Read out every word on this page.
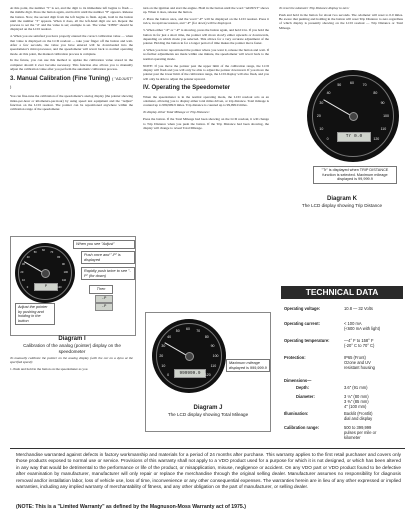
At this point, the number "5" is set, and the digit to its immediate left begins to flash — the middle digit. Press the button again, and hold it until the number "8" appears. Release the button. Now, the second digit from the left begins to flash. Again, hold in the button until the number "3" appears. When it does, all the left-hand digit are set. Repeat the process to set the "4" and the value is set; example is set. The value "43850" should be displayed on the LCD readout.

4. When you are satisfied you have properly entered the correct calibration value — when that value is displayed on the LCD readout — take your finger off the button and wait. After a few seconds, the value you have entered will be downloaded into the speedometer's microprocessor, and the speedometer will revert back to normal operating mode. At this point, the manual calibration process is complete.

In the future, you can use this method to update the calibration value stored in the computer should it ever become necessary. This function also allows you to manually adjust the calibration value after you perform the automatic calibration process.

3. Manual Calibration (Fine Tuning) ( "ADJUST" )

You can fine-tune the calibration of the speedometer's analog display (the pointer showing miles-per-hour or kilometers-per-hour) by using speed test equipment and the "Adjust" function on the LCD readout. The pointer can be repositioned anywhere within the calibration range of the speedometer.

P
0
10
20
30
40
50
60
70
80
90
100
110
120
When you see "Adjust"
Push once and "-P" is displayed
Rapidly push twice to see "-P" (for down)
Then
-P
-P
Adjust the pointer by pushing and holding in the button
Diagram I
Calibration of the analog (pointer) display on the speedometer

To manually calibrate the pointer on the analog display (with the car on a dyno at the specified speed):

1. Push and hold in the button on the speedometer as you

turn on the ignition and start the engine. Hold in the button until the word "ADJUST" shows up. When it does, release the button.

2. Press the button once, and the word "-P" will be displayed on the LCD readout. Press it twice, in rapid succession, and "-P" (for down) will be displayed.

3. When either "-P" or "-P" is showing, press the button again, and hold it in. If you hold the button in for just a short time, the pointer will move slowly either upwards or downwards, depending on which mode you selected. This allows for a very accurate adjustment of the pointer. Holding the button in for a longer period of time makes the pointer move faster.

4. When you have repositioned the pointer where you want it, release the button and wait. If no further adjustments are made within one minute, the speedometer will revert back to the normal operating mode.

NOTE: If you move the pointer past the upper limit of the calibration range, the LCD display will flash and you will only be able to adjust the pointer downward. If you move the pointer past the lower limit of the calibration range, the LCD display will also flash, and you will only be able to adjust the pointer upward.

IV. Operating the Speedometer

When the speedometer is in the normal operating mode, the LCD readout acts as an odometer, allowing you to display either total miles driven, or trip distance. Total mileage is counted up to 999,999.9 miles. Trip distance is counted up to 99,999.9 miles.

To display either Total Mileage or Trip Distance:

Press the button. If the Total Mileage had been showing on the LCD readout, it will change to Trip Distance when you push the button. If the Trip Distance had been showing, the display will change to reveal Total Mileage.

999999.9
0
10
20
30
40
50
60
70
80
90
100
110
120
Maximum mileage displayed is 999,999.9
Diagram J
The LCD display showing Total Mileage

To reset the odometer Trip Distance display to zero:

Push and hold in the button for about two seconds. The odometer will reset to 0.0 miles. Be aware that pushing and holding in the button will reset Trip Distance to zero regardless of which display is presently showing on the LCD readout — Trip Distance or Total Mileage.

Tr 0.0
0
10
20
30
40
50
60
70
80
90
100
110
120
"Tr" is displayed when TRIP DISTANCE function is selected. Maximum mileage displayed is 99,999.9
Diagram K
The LCD display showing Trip Distance
TECHNICAL DATA
Operating voltage:	10.8 — 32 Volts
Operating current:	< 100 mA
(<600 mA with light)
Operating temperature:	—4° F to 158° F
(-20° C to 70° C)
Protection:	IP65 (Front)
Ozone and UV
resistant housing
Dimensions—
Depth:	3.6" (91 mm)
Diameter:	3 ⅛" (80 mm)
3 ⅜" (85 mm)
4" (100 mm)
Illumination:	Backlit (Frontlit)
dial and display
Calibration range:	500 to 399,999
pulses per mile or
kilometer
Merchandise warranted against defects in factory workmanship and materials for a period of 24 months after purchase. This warranty applies to the first retail purchaser and covers only those products exposed to normal use or service. Provisions of this warranty shall not apply to a VDO product used for a purpose for which it is not designed, or which has been altered in any way that would be detrimental to the performance or life of the product, or misapplication, misuse, negligence or accident. On any VDO part or VDO product found to be defective after examination by manufacturer, manufacturer will only repair or replace the merchandise through the original selling dealer. Manufacturer assumes no responsibility for diagnosis removal and/or installation labor, loss of vehicle use, loss of time, inconvenience or any other consequential expenses. The warranties herein are in lieu of any other expressed or implied warranties, including any implied warranty of merchantability of fitness, and any other obligation on the part of manufacturer, or selling dealer.
(NOTE: This is a "Limited Warranty" as defined by the Magnuson-Moss Warranty act of 1975.)
